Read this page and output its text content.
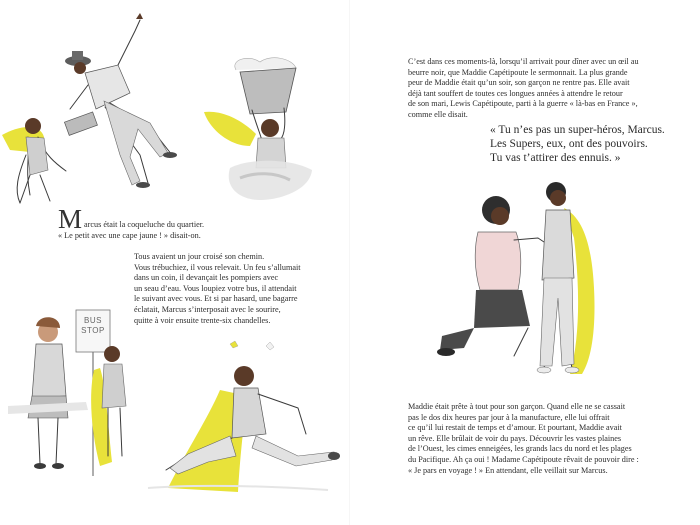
M arcus était la coqueluche du quartier.

« Le petit avec une cape jaune ! » disait-on.

Tous avaient un jour croisé son chemin.

Vous trébuchiez, il vous relevait. Un feu s’allumait

dans un coin, il devançait les pompiers avec

un seau d’eau. Vous loupiez votre bus, il attendait

le suivant avec vous. Et si par hasard, une bagarre

éclatait, Marcus s’interposait avec le sourire,

quitte à voir ensuite trente-six chandelles.

C’est dans ces moments-là, lorsqu’il arrivait pour dîner avec un œil au

beurre noir, que Maddie Capétipoute le sermonnait. La plus grande

peur de Maddie était qu’un soir, son garçon ne rentre pas. Elle avait

déjà tant souffert de toutes ces longues années à attendre le retour

de son mari, Lewis Capétipoute, parti à la guerre « là-bas en France »,

comme elle disait.

« Tu n’es pas un super-héros, Marcus.

Les Supers, eux, ont des pouvoirs.

Tu vas t’attirer des ennuis. »

Maddie était prête à tout pour son garçon. Quand elle ne se cassait

pas le dos dix heures par jour à la manufacture, elle lui offrait

ce qu’il lui restait de temps et d’amour. Et pourtant, Maddie avait

un rêve. Elle brûlait de voir du pays. Découvrir les vastes plaines

de l’Ouest, les cimes enneigées, les grands lacs du nord et les plages

du Pacifique. Ah ça oui ! Madame Capétipoute rêvait de pouvoir dire :

« Je pars en voyage ! » En attendant, elle veillait sur Marcus.

BUS
STOP
